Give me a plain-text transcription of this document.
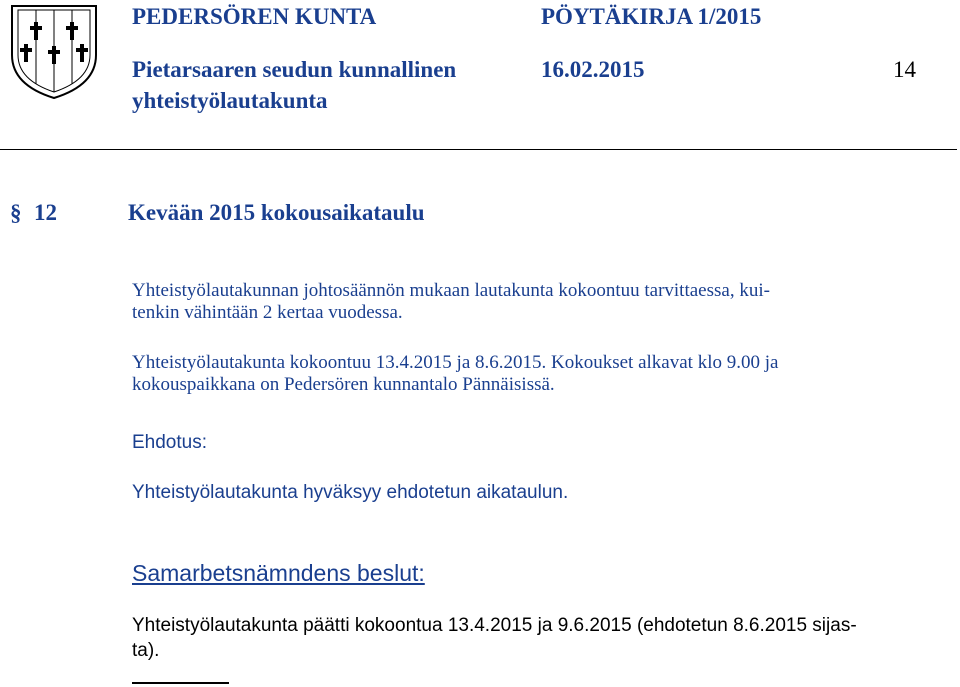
PEDERSÖREN KUNTA
Pietarsaaren seudun kunnallinen
yhteistyölautakunta
PÖYTÄKIRJA 1/2015
16.02.2015	14
§ 12	Kevään 2015 kokousaikataulu
Yhteistyölautakunnan johtosäännön mukaan lautakunta kokoontuu tarvittaessa, kui-
tenkin vähintään 2 kertaa vuodessa.
Yhteistyölautakunta kokoontuu 13.4.2015 ja 8.6.2015. Kokoukset alkavat klo 9.00 ja
kokouspaikkana on Pedersören kunnantalo Pännäisissä.
Ehdotus:
Yhteistyölautakunta hyväksyy ehdotetun aikataulun.
Samarbetsnämndens beslut:
Yhteistyölautakunta päätti kokoontua 13.4.2015 ja 9.6.2015 (ehdotetun 8.6.2015 sijas-
ta).
